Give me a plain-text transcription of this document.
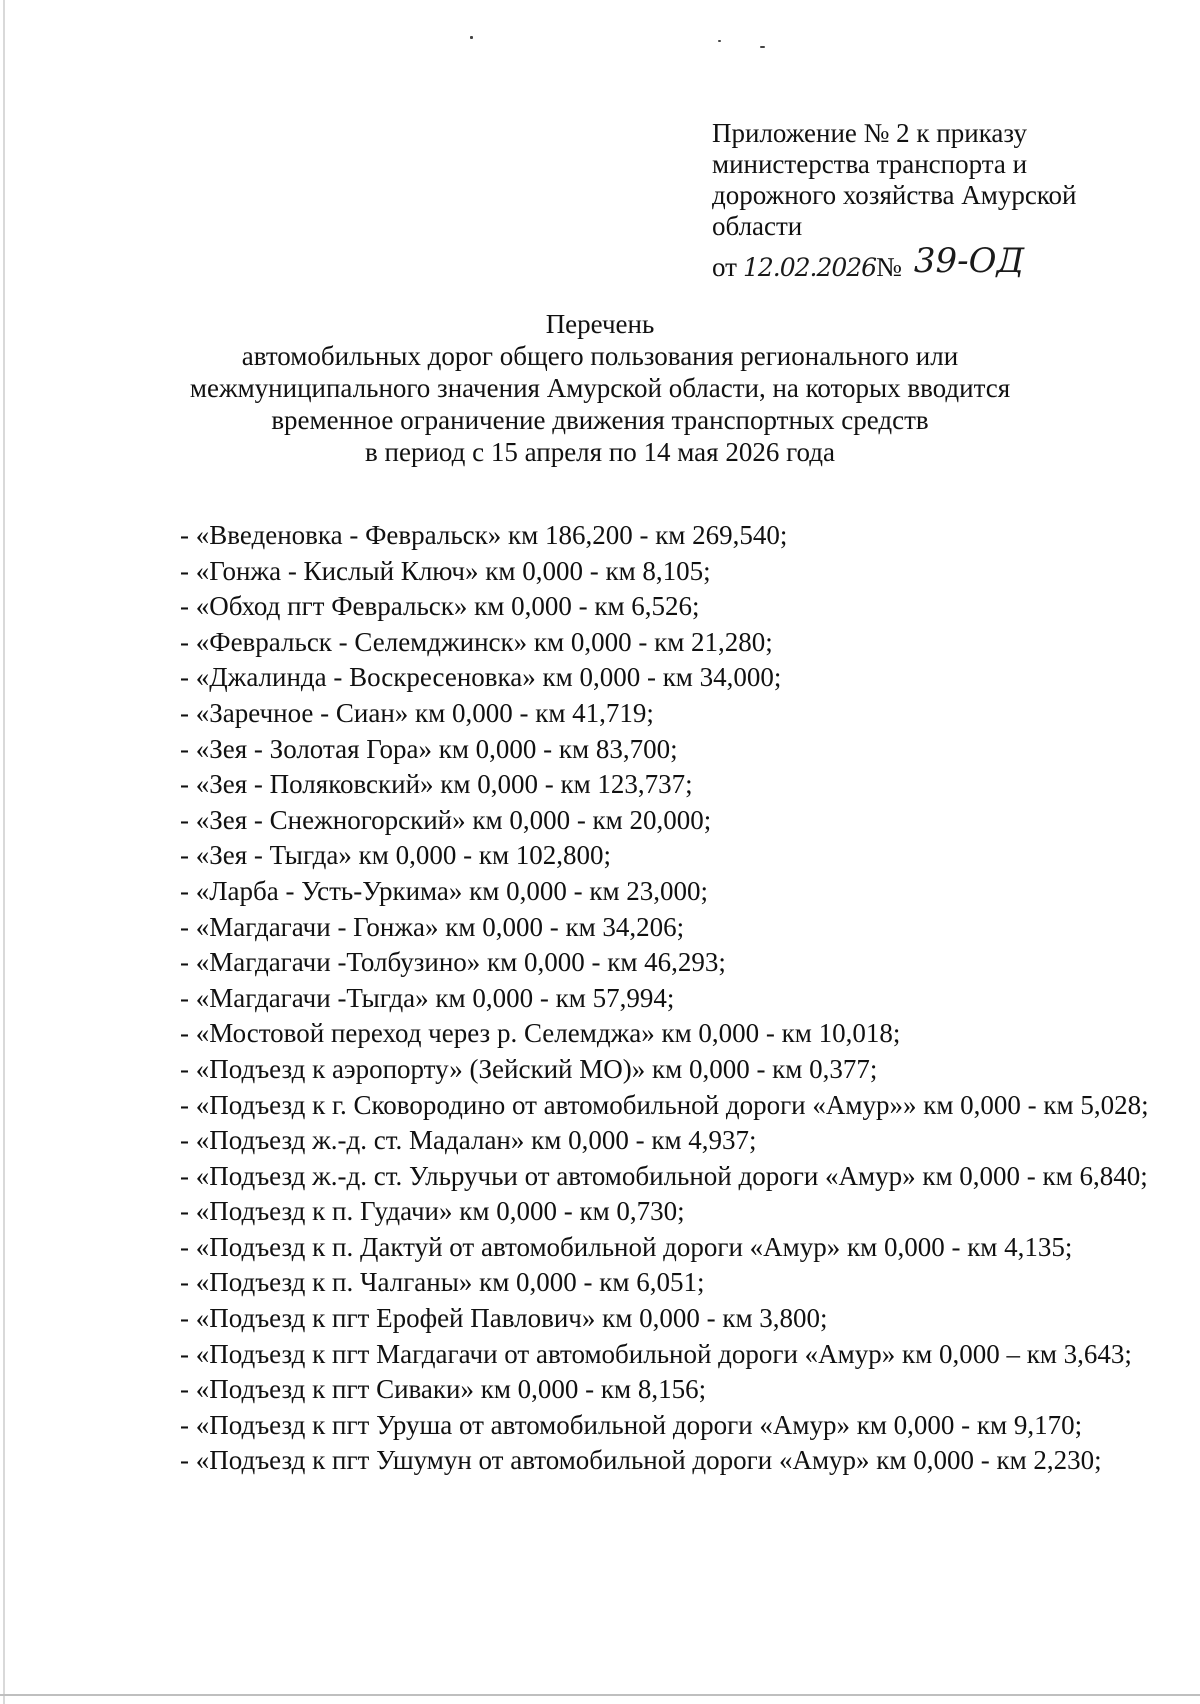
Приложение № 2 к приказу
министерства транспорта и
дорожного хозяйства Амурской
области
от 12.02.2026№ 39-ОД
Перечень
автомобильных дорог общего пользования регионального или
межмуниципального значения Амурской области, на которых вводится
временное ограничение движения транспортных средств
в период с 15 апреля по 14 мая 2026 года

- «Введеновка - Февральск» км 186,200 - км 269,540;

- «Гонжа - Кислый Ключ» км 0,000 - км 8,105;

- «Обход пгт Февральск» км 0,000 - км 6,526;

- «Февральск - Селемджинск» км 0,000 - км 21,280;

- «Джалинда - Воскресеновка» км 0,000 - км 34,000;

- «Заречное - Сиан» км 0,000 - км 41,719;

- «Зея - Золотая Гора» км 0,000 - км 83,700;

- «Зея - Поляковский» км 0,000 - км 123,737;

- «Зея - Снежногорский» км 0,000 - км 20,000;

- «Зея - Тыгда» км 0,000 - км 102,800;

- «Ларба - Усть-Уркима» км 0,000 - км 23,000;

- «Магдагачи - Гонжа» км 0,000 - км 34,206;

- «Магдагачи -Толбузино» км 0,000 - км 46,293;

- «Магдагачи -Тыгда» км 0,000 - км 57,994;

- «Мостовой переход через р. Селемджа» км 0,000 - км 10,018;

- «Подъезд к аэропорту» (Зейский МО)» км 0,000 - км 0,377;

- «Подъезд к г. Сковородино от автомобильной дороги «Амур»» км 0,000 - км 5,028;

- «Подъезд ж.-д. ст. Мадалан» км 0,000 - км 4,937;

- «Подъезд ж.-д. ст. Ульручьи от автомобильной дороги «Амур» км 0,000 - км 6,840;

- «Подъезд к п. Гудачи» км 0,000 - км 0,730;

- «Подъезд к п. Дактуй от автомобильной дороги «Амур» км 0,000 - км 4,135;

- «Подъезд к п. Чалганы» км 0,000 - км 6,051;

- «Подъезд к пгт Ерофей Павлович» км 0,000 - км 3,800;

- «Подъезд к пгт Магдагачи от автомобильной дороги «Амур» км 0,000 – км 3,643;

- «Подъезд к пгт Сиваки» км 0,000 - км 8,156;

- «Подъезд к пгт Уруша от автомобильной дороги «Амур» км 0,000 - км 9,170;

- «Подъезд к пгт Ушумун от автомобильной дороги «Амур» км 0,000 - км 2,230;
